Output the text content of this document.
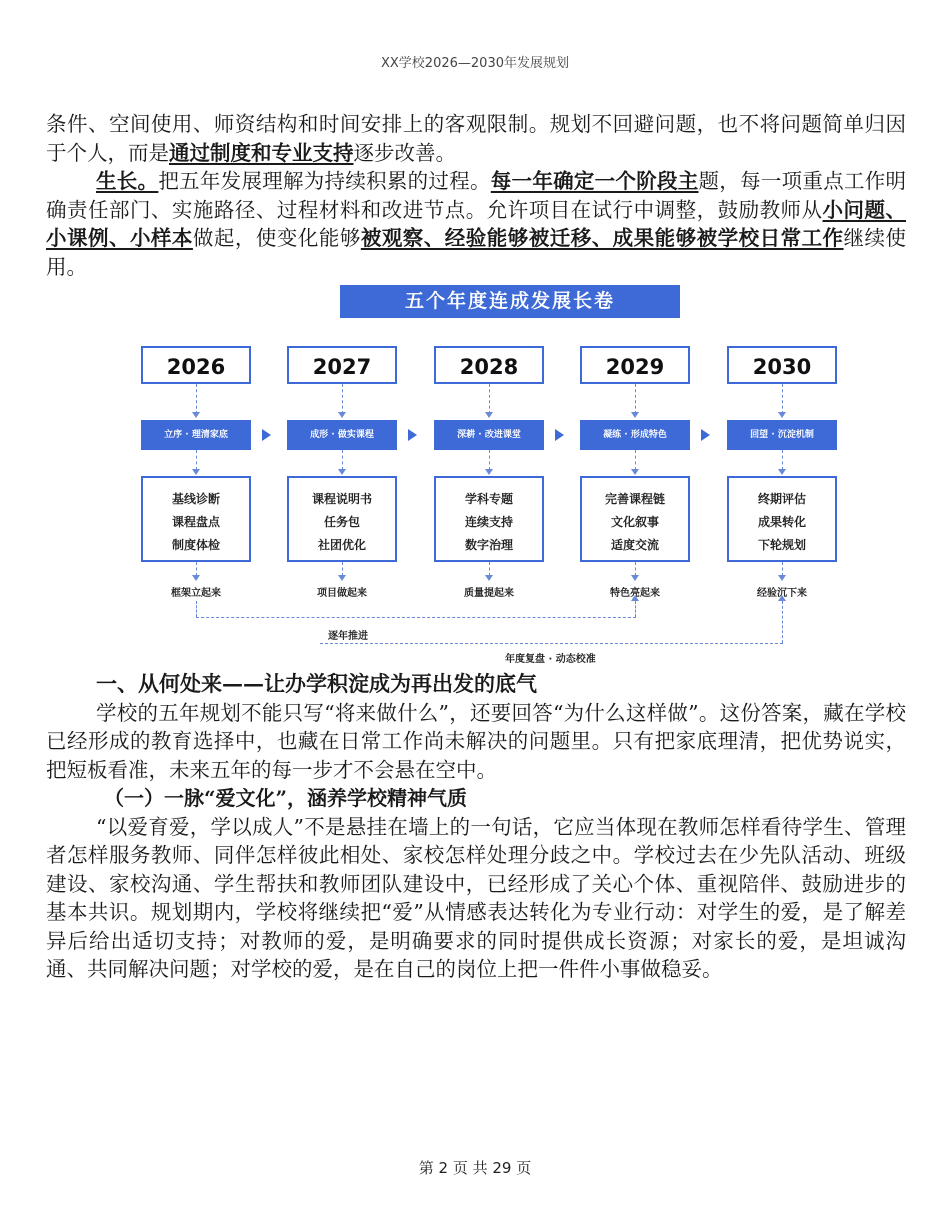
XX学校2026—2030年发展规划

条件、空间使用、师资结构和时间安排上的客观限制。规划不回避问题，也不将问题简单归因于个人，而是通过制度和专业支持逐步改善。

生长。把五年发展理解为持续积累的过程。每一年确定一个阶段主题，每一项重点工作明确责任部门、实施路径、过程材料和改进节点。允许项目在试行中调整，鼓励教师从小问题、小课例、小样本做起，使变化能够被观察、经验能够被迁移、成果能够被学校日常工作继续使用。

五个年度连成发展长卷
2026
立序 · 理清家底
基线诊断
课程盘点
制度体检
框架立起来
2027
成形 · 做实课程
课程说明书
任务包
社团优化
项目做起来
2028
深耕 · 改进课堂
学科专题
连续支持
数字治理
质量提起来
2029
凝练 · 形成特色
完善课程链
文化叙事
适度交流
特色亮起来
2030
回望 · 沉淀机制
终期评估
成果转化
下轮规划
经验沉下来
逐年推进
年度复盘 · 动态校准

一、从何处来——让办学积淀成为再出发的底气

学校的五年规划不能只写“将来做什么”，还要回答“为什么这样做”。这份答案，藏在学校已经形成的教育选择中，也藏在日常工作尚未解决的问题里。只有把家底理清，把优势说实，把短板看准，未来五年的每一步才不会悬在空中。

（一）一脉“爱文化”，涵养学校精神气质

“以爱育爱，学以成人”不是悬挂在墙上的一句话，它应当体现在教师怎样看待学生、管理者怎样服务教师、同伴怎样彼此相处、家校怎样处理分歧之中。学校过去在少先队活动、班级建设、家校沟通、学生帮扶和教师团队建设中，已经形成了关心个体、重视陪伴、鼓励进步的基本共识。规划期内，学校将继续把“爱”从情感表达转化为专业行动：对学生的爱，是了解差异后给出适切支持；对教师的爱，是明确要求的同时提供成长资源；对家长的爱，是坦诚沟通、共同解决问题；对学校的爱，是在自己的岗位上把一件件小事做稳妥。

第 2 页 共 29 页
